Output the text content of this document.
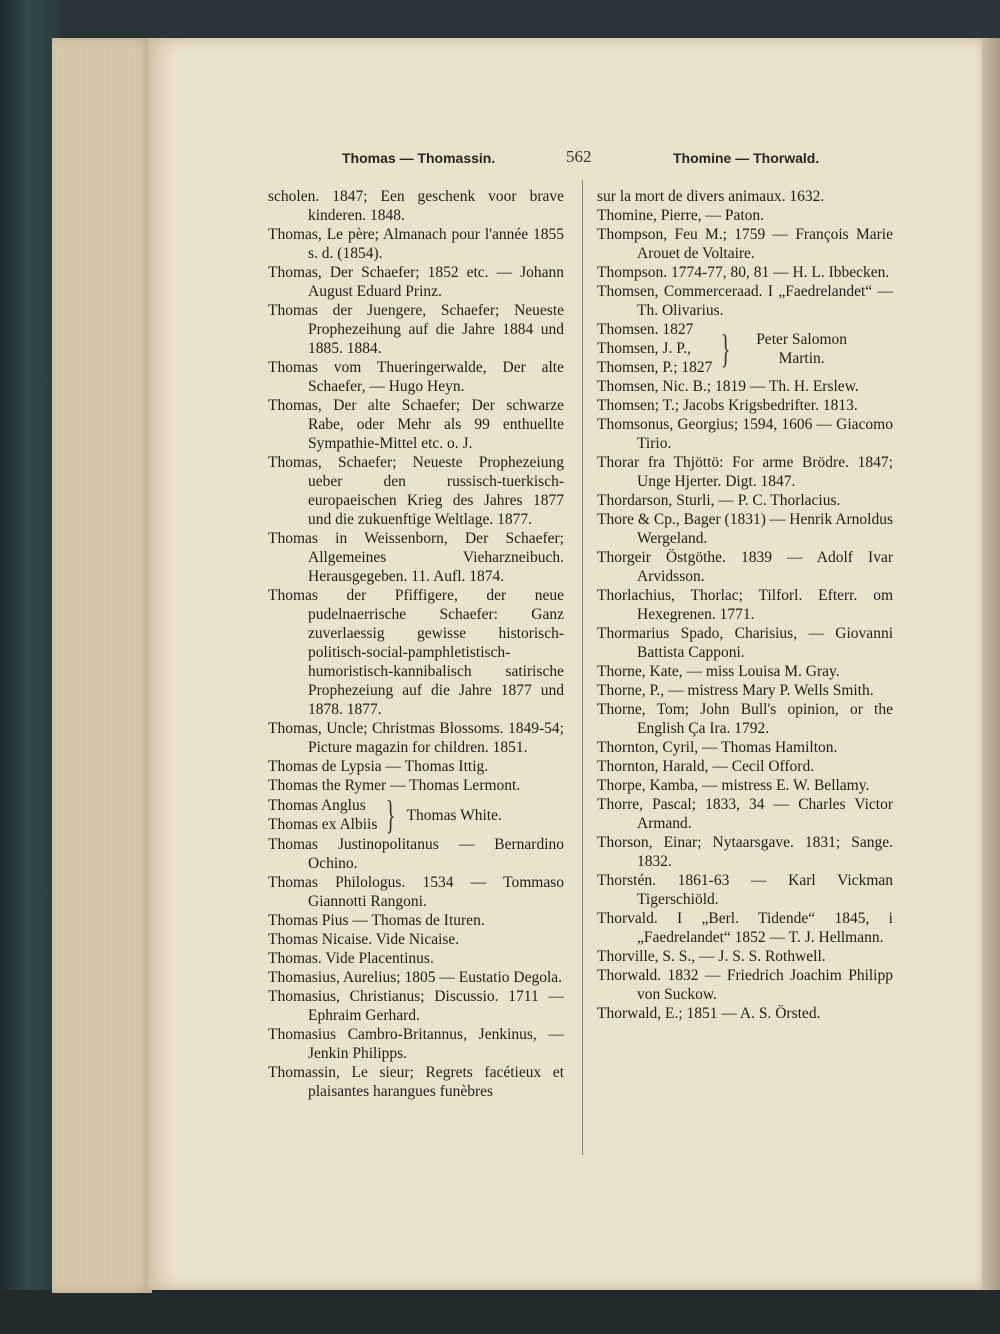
Thomas — Thomassin.	562	Thomine — Thorwald.

scholen. 1847; Een geschenk voor brave kinderen. 1848.

Thomas, Le père; Almanach pour l'année 1855 s. d. (1854).

Thomas, Der Schaefer; 1852 etc. — Johann August Eduard Prinz.

Thomas der Juengere, Schaefer; Neueste Prophezeihung auf die Jahre 1884 und 1885. 1884.

Thomas vom Thueringerwalde, Der alte Schaefer, — Hugo Heyn.

Thomas, Der alte Schaefer; Der schwarze Rabe, oder Mehr als 99 enthuellte Sympathie-Mittel etc. o. J.

Thomas, Schaefer; Neueste Prophezeiung ueber den russisch-tuerkisch-europaeischen Krieg des Jahres 1877 und die zukuenftige Weltlage. 1877.

Thomas in Weissenborn, Der Schaefer; Allgemeines Vieharzneibuch. Herausgegeben. 11. Aufl. 1874.

Thomas der Pfiffigere, der neue pudelnaerrische Schaefer: Ganz zuverlaessig gewisse historisch-politisch-social-pamphletistisch-humoristisch-kannibalisch satirische Prophezeiung auf die Jahre 1877 und 1878. 1877.

Thomas, Uncle; Christmas Blossoms. 1849-54; Picture magazin for children. 1851.

Thomas de Lypsia — Thomas Ittig.

Thomas the Rymer — Thomas Lermont.

Thomas Anglus
Thomas ex Albiis } Thomas White.

Thomas Justinopolitanus — Bernardino Ochino.

Thomas Philologus. 1534 — Tommaso Giannotti Rangoni.

Thomas Pius — Thomas de Ituren.

Thomas Nicaise. Vide Nicaise.

Thomas. Vide Placentinus.

Thomasius, Aurelius; 1805 — Eustatio Degola.

Thomasius, Christianus; Discussio. 1711 — Ephraim Gerhard.

Thomasius Cambro-Britannus, Jenkinus, — Jenkin Philipps.

Thomassin, Le sieur; Regrets facétieux et plaisantes harangues funèbres

sur la mort de divers animaux. 1632.

Thomine, Pierre, — Paton.

Thompson, Feu M.; 1759 — François Marie Arouet de Voltaire.

Thompson. 1774-77, 80, 81 — H. L. Ibbecken.

Thomsen, Commerceraad. I „Faedrelandet“ — Th. Olivarius.

Thomsen. 1827
Thomsen, J. P.,
Thomsen, P.; 1827 }	Peter Salomon Martin.

Thomsen, Nic. B.; 1819 — Th. H. Erslew.

Thomsen; T.; Jacobs Krigsbedrifter. 1813.

Thomsonus, Georgius; 1594, 1606 — Giacomo Tirio.

Thorar fra Thjöttö: For arme Brödre. 1847; Unge Hjerter. Digt. 1847.

Thordarson, Sturli, — P. C. Thorlacius.

Thore & Cp., Bager (1831) — Henrik Arnoldus Wergeland.

Thorgeir Östgöthe. 1839 — Adolf Ivar Arvidsson.

Thorlachius, Thorlac; Tilforl. Efterr. om Hexegrenen. 1771.

Thormarius Spado, Charisius, — Giovanni Battista Capponi.

Thorne, Kate, — miss Louisa M. Gray.

Thorne, P., — mistress Mary P. Wells Smith.

Thorne, Tom; John Bull's opinion, or the English Ça Ira. 1792.

Thornton, Cyril, — Thomas Hamilton.

Thornton, Harald, — Cecil Offord.

Thorpe, Kamba, — mistress E. W. Bellamy.

Thorre, Pascal; 1833, 34 — Charles Victor Armand.

Thorson, Einar; Nytaarsgave. 1831; Sange. 1832.

Thorstén. 1861-63 — Karl Vickman Tigerschiöld.

Thorvald. I „Berl. Tidende“ 1845, i „Faedrelandet“ 1852 — T. J. Hellmann.

Thorville, S. S., — J. S. S. Rothwell.

Thorwald. 1832 — Friedrich Joachim Philipp von Suckow.

Thorwald, E.; 1851 — A. S. Örsted.
